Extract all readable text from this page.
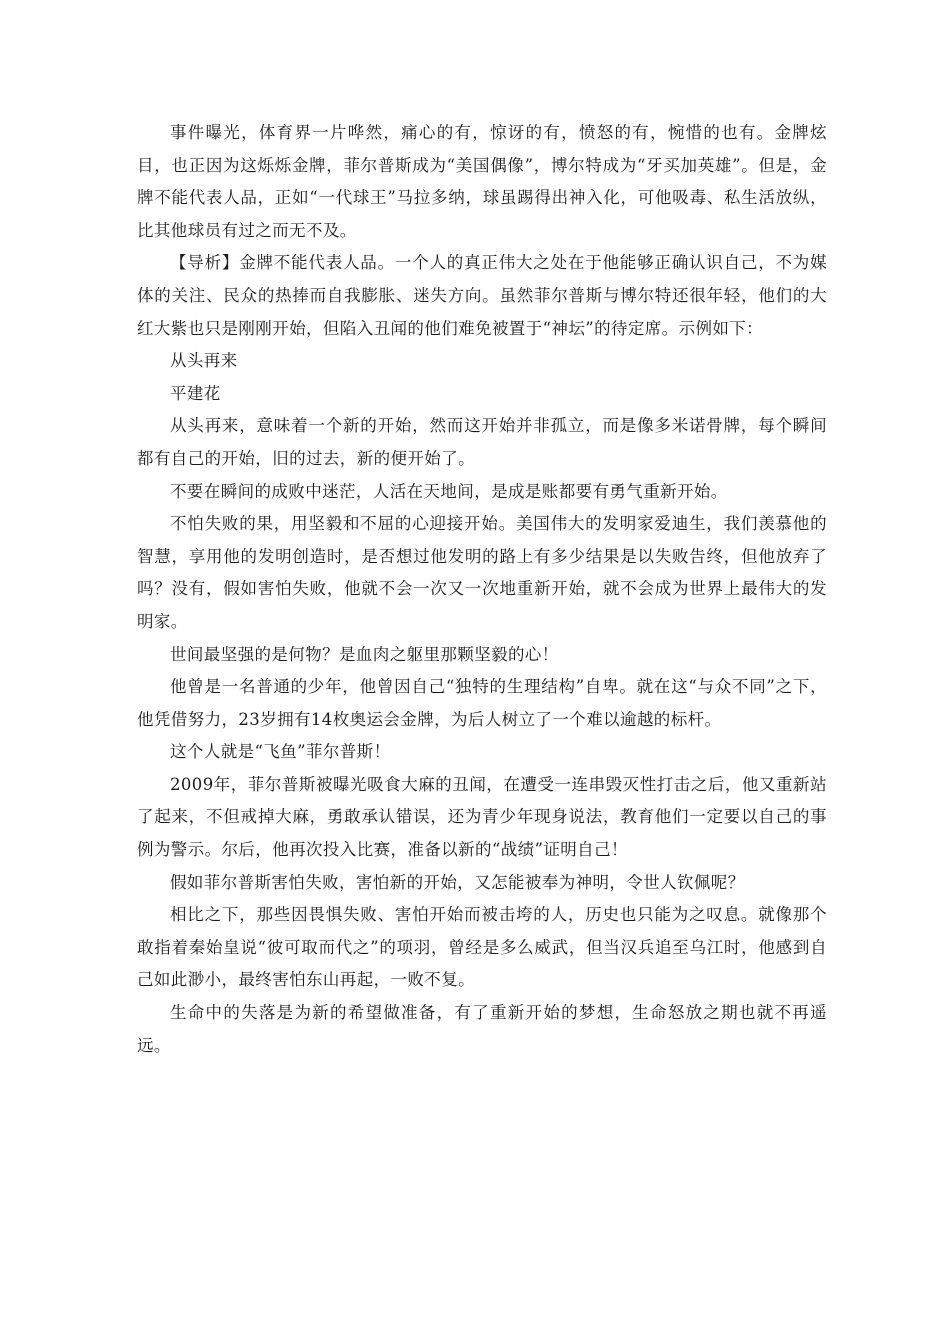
事件曝光，体育界一片哗然，痛心的有，惊讶的有，愤怒的有，惋惜的也有。金牌炫目，也正因为这烁烁金牌，菲尔普斯成为“美国偶像”，博尔特成为“牙买加英雄”。但是，金牌不能代表人品，正如“一代球王”马拉多纳，球虽踢得出神入化，可他吸毒、私生活放纵，比其他球员有过之而无不及。

【导析】金牌不能代表人品。一个人的真正伟大之处在于他能够正确认识自己，不为媒体的关注、民众的热捧而自我膨胀、迷失方向。虽然菲尔普斯与博尔特还很年轻，他们的大红大紫也只是刚刚开始，但陷入丑闻的他们难免被置于“神坛”的待定席。示例如下：

从头再来

平建花

从头再来，意味着一个新的开始，然而这开始并非孤立，而是像多米诺骨牌，每个瞬间都有自己的开始，旧的过去，新的便开始了。

不要在瞬间的成败中迷茫，人活在天地间，是成是账都要有勇气重新开始。

不怕失败的果，用坚毅和不屈的心迎接开始。美国伟大的发明家爱迪生，我们羡慕他的智慧，享用他的发明创造时，是否想过他发明的路上有多少结果是以失败告终，但他放弃了吗？没有，假如害怕失败，他就不会一次又一次地重新开始，就不会成为世界上最伟大的发明家。

世间最坚强的是何物？是血肉之躯里那颗坚毅的心！

他曾是一名普通的少年，他曾因自己“独特的生理结构”自卑。就在这“与众不同”之下，他凭借努力，23岁拥有14枚奥运会金牌，为后人树立了一个难以逾越的标杆。

这个人就是“飞鱼”菲尔普斯！

2009年，菲尔普斯被曝光吸食大麻的丑闻，在遭受一连串毁灭性打击之后，他又重新站了起来，不但戒掉大麻，勇敢承认错误，还为青少年现身说法，教育他们一定要以自己的事例为警示。尔后，他再次投入比赛，准备以新的“战绩”证明自己！

假如菲尔普斯害怕失败，害怕新的开始，又怎能被奉为神明，令世人钦佩呢？

相比之下，那些因畏惧失败、害怕开始而被击垮的人，历史也只能为之叹息。就像那个敢指着秦始皇说“彼可取而代之”的项羽，曾经是多么威武，但当汉兵追至乌江时，他感到自己如此渺小，最终害怕东山再起，一败不复。

生命中的失落是为新的希望做准备，有了重新开始的梦想，生命怒放之期也就不再遥远。
